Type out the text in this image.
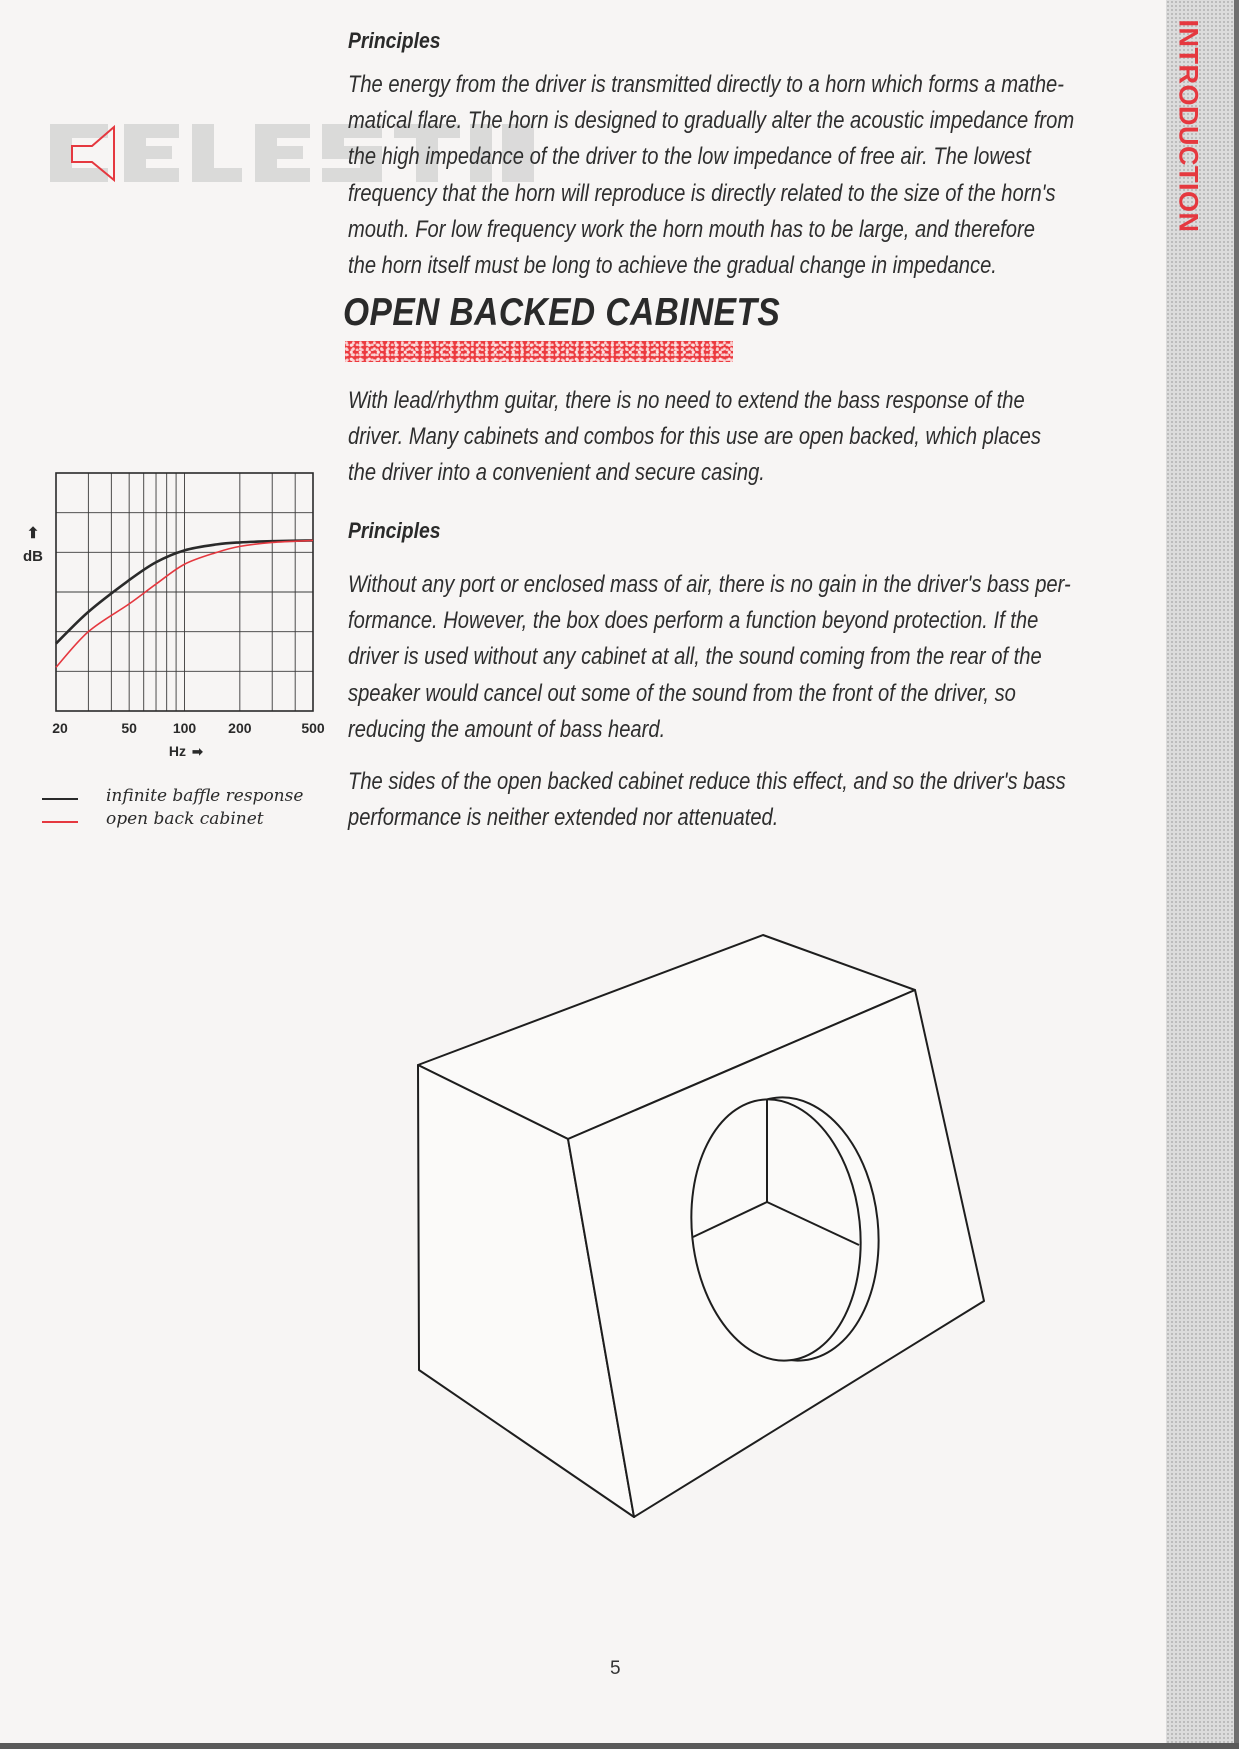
INTRODUCTION
Principles
The energy from the driver is transmitted directly to a horn which forms a mathe-
matical flare. The horn is designed to gradually alter the acoustic impedance from
the high impedance of the driver to the low impedance of free air. The lowest
frequency that the horn will reproduce is directly related to the size of the horn's
mouth. For low frequency work the horn mouth has to be large, and therefore
the horn itself must be long to achieve the gradual change in impedance.
OPEN BACKED CABINETS
With lead/rhythm guitar, there is no need to extend the bass response of the
driver. Many cabinets and combos for this use are open backed, which places
the driver into a convenient and secure casing.
Principles
Without any port or enclosed mass of air, there is no gain in the driver's bass per-
formance. However, the box does perform a function beyond protection. If the
driver is used without any cabinet at all, the sound coming from the rear of the
speaker would cancel out some of the sound from the front of the driver, so
reducing the amount of bass heard.
The sides of the open backed cabinet reduce this effect, and so the driver's bass
performance is neither extended nor attenuated.
20	50	100 200	500
⬆
dB
Hz ➡
infinite baffle response
open back cabinet
5
